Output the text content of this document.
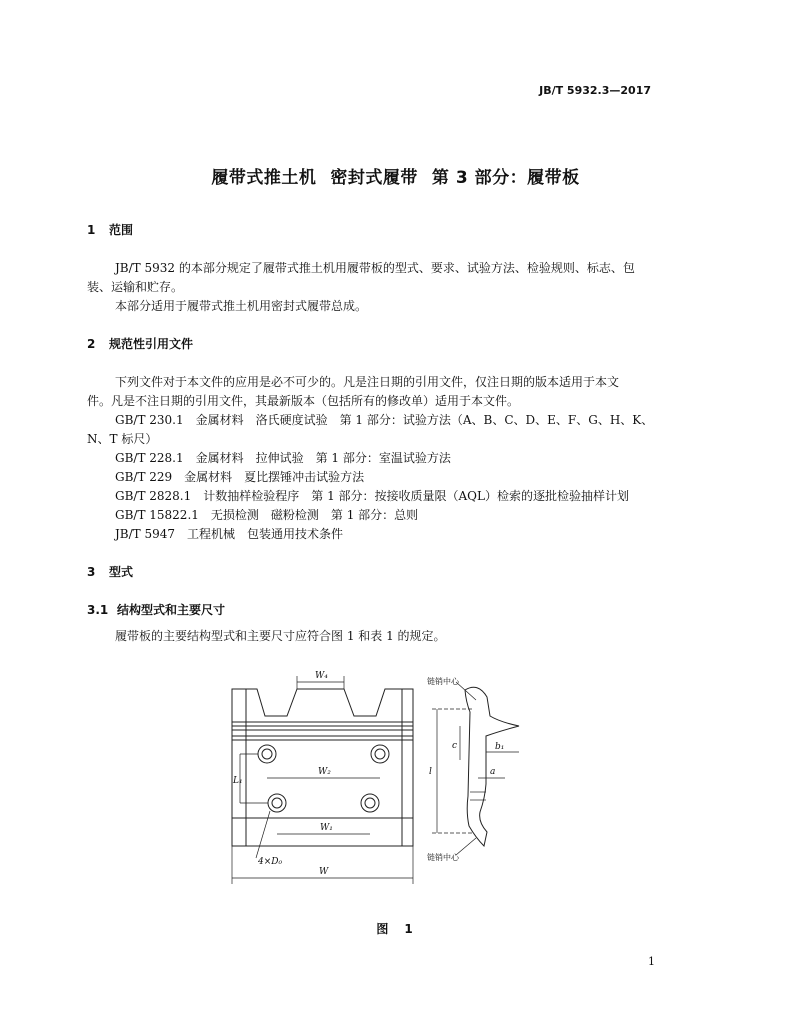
JB/T 5932.3—2017
履带式推土机 密封式履带 第 3 部分：履带板
1 范围
JB/T 5932 的本部分规定了履带式推土机用履带板的型式、要求、试验方法、检验规则、标志、包
装、运输和贮存。
本部分适用于履带式推土机用密封式履带总成。
2 规范性引用文件
下列文件对于本文件的应用是必不可少的。凡是注日期的引用文件，仅注日期的版本适用于本文
件。凡是不注日期的引用文件，其最新版本（包括所有的修改单）适用于本文件。
GB/T 230.1　金属材料　洛氏硬度试验　第 1 部分：试验方法（A、B、C、D、E、F、G、H、K、
N、T 标尺）
GB/T 228.1　金属材料　拉伸试验　第 1 部分：室温试验方法
GB/T 229　金属材料　夏比摆锤冲击试验方法
GB/T 2828.1　计数抽样检验程序　第 1 部分：按接收质量限（AQL）检索的逐批检验抽样计划
GB/T 15822.1　无损检测　磁粉检测　第 1 部分：总则
JB/T 5947　工程机械　包装通用技术条件
3 型式
3.1 结构型式和主要尺寸
履带板的主要结构型式和主要尺寸应符合图 1 和表 1 的规定。
W₄
W₂
W₁
W
L₁
4×D₀
c	b₁
a
l
链销中心
链销中心
图　1
1
